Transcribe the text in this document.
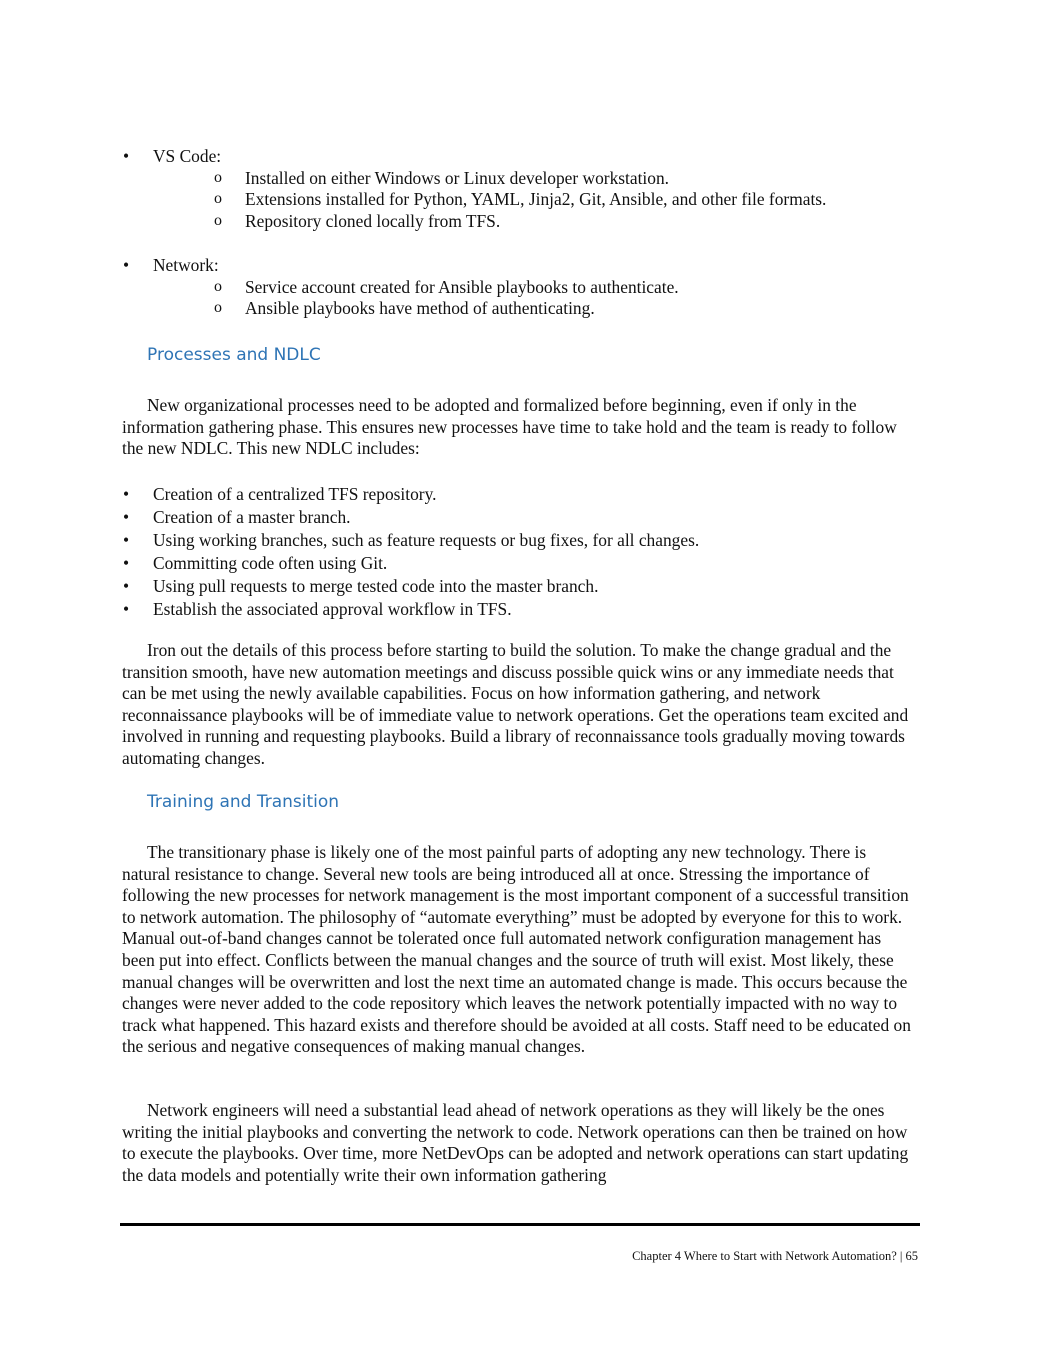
• VS Code:
o Installed on either Windows or Linux developer workstation.
o Extensions installed for Python, YAML, Jinja2, Git, Ansible, and other file formats.
o Repository cloned locally from TFS.
• Network:
o Service account created for Ansible playbooks to authenticate.
o Ansible playbooks have method of authenticating.
Processes and NDLC

New organizational processes need to be adopted and formalized before beginning, even if only in the information gathering phase. This ensures new processes have time to take hold and the team is ready to follow the new NDLC. This new NDLC includes:

• Creation of a centralized TFS repository.
• Creation of a master branch.
• Using working branches, such as feature requests or bug fixes, for all changes.
• Committing code often using Git.
• Using pull requests to merge tested code into the master branch.
• Establish the associated approval workflow in TFS.

Iron out the details of this process before starting to build the solution. To make the change gradual and the transition smooth, have new automation meetings and discuss possible quick wins or any immediate needs that can be met using the newly available capabilities. Focus on how information gathering, and network reconnaissance playbooks will be of immediate value to network operations. Get the operations team excited and involved in running and requesting playbooks. Build a library of reconnaissance tools gradually moving towards automating changes.

Training and Transition

The transitionary phase is likely one of the most painful parts of adopting any new technology. There is natural resistance to change. Several new tools are being introduced all at once. Stressing the importance of following the new processes for network management is the most important component of a successful transition to network automation. The philosophy of “automate everything” must be adopted by everyone for this to work. Manual out-of-band changes cannot be tolerated once full automated network configuration management has been put into effect. Conflicts between the manual changes and the source of truth will exist. Most likely, these manual changes will be overwritten and lost the next time an automated change is made. This occurs because the changes were never added to the code repository which leaves the network potentially impacted with no way to track what happened. This hazard exists and therefore should be avoided at all costs. Staff need to be educated on the serious and negative consequences of making manual changes.

Network engineers will need a substantial lead ahead of network operations as they will likely be the ones writing the initial playbooks and converting the network to code. Network operations can then be trained on how to execute the playbooks. Over time, more NetDevOps can be adopted and network operations can start updating the data models and potentially write their own information gathering

Chapter 4 Where to Start with Network Automation? | 65
